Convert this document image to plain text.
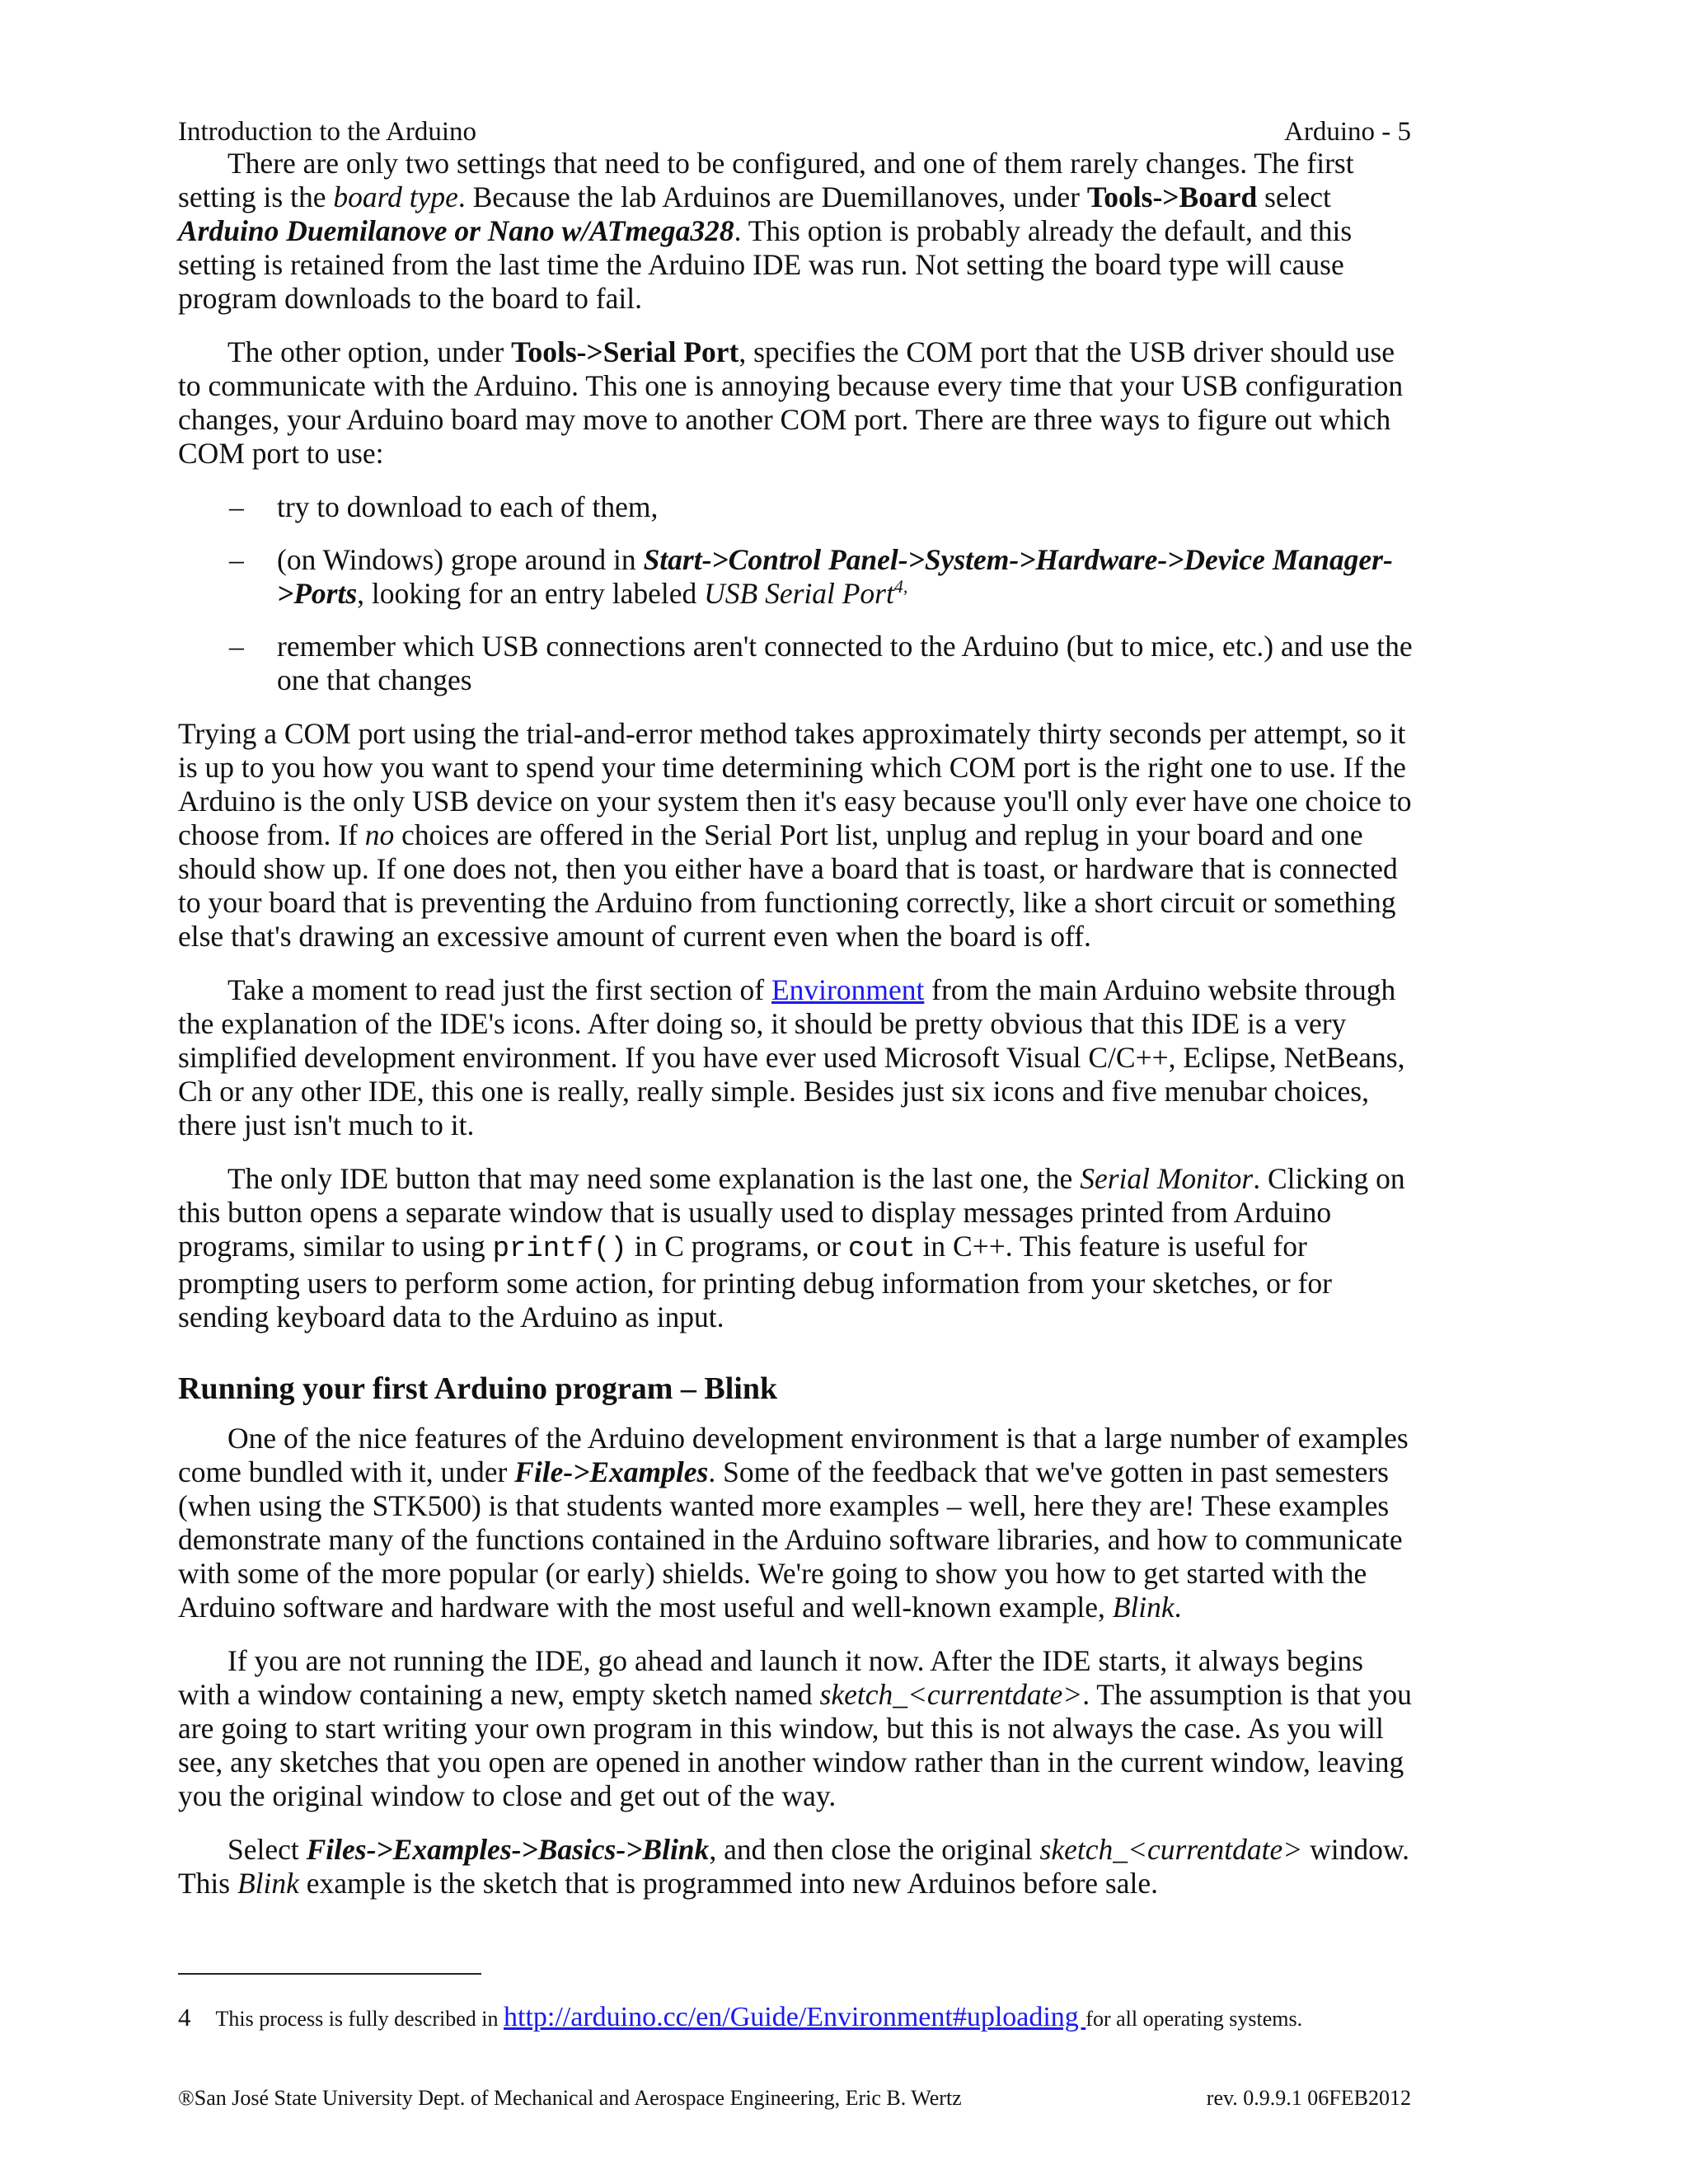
Introduction to the Arduino	Arduino - 5

There are only two settings that need to be configured, and one of them rarely changes. The first setting is the board type. Because the lab Arduinos are Duemillanoves, under Tools->Board select Arduino Duemilanove or Nano w/ATmega328. This option is probably already the default, and this setting is retained from the last time the Arduino IDE was run. Not setting the board type will cause program downloads to the board to fail.

The other option, under Tools->Serial Port, specifies the COM port that the USB driver should use to communicate with the Arduino. This one is annoying because every time that your USB configuration changes, your Arduino board may move to another COM port. There are three ways to figure out which COM port to use:

– try to download to each of them,
– (on Windows) grope around in Start->Control Panel->System->Hardware->Device Manager->Ports, looking for an entry labeled USB Serial Port$^{4,}$
– remember which USB connections aren't connected to the Arduino (but to mice, etc.) and use the one that changes

Trying a COM port using the trial-and-error method takes approximately thirty seconds per attempt, so it is up to you how you want to spend your time determining which COM port is the right one to use. If the Arduino is the only USB device on your system then it's easy because you'll only ever have one choice to choose from. If no choices are offered in the Serial Port list, unplug and replug in your board and one should show up. If one does not, then you either have a board that is toast, or hardware that is connected to your board that is preventing the Arduino from functioning correctly, like a short circuit or something else that's drawing an excessive amount of current even when the board is off.

Take a moment to read just the first section of Environment from the main Arduino website through the explanation of the IDE's icons. After doing so, it should be pretty obvious that this IDE is a very simplified development environment. If you have ever used Microsoft Visual C/C++, Eclipse, NetBeans, Ch or any other IDE, this one is really, really simple. Besides just six icons and five menubar choices, there just isn't much to it.

The only IDE button that may need some explanation is the last one, the Serial Monitor. Clicking on this button opens a separate window that is usually used to display messages printed from Arduino programs, similar to using printf() in C programs, or cout in C++. This feature is useful for prompting users to perform some action, for printing debug information from your sketches, or for sending keyboard data to the Arduino as input.

Running your first Arduino program – Blink

One of the nice features of the Arduino development environment is that a large number of examples come bundled with it, under File->Examples. Some of the feedback that we've gotten in past semesters (when using the STK500) is that students wanted more examples – well, here they are! These examples demonstrate many of the functions contained in the Arduino software libraries, and how to communicate with some of the more popular (or early) shields. We're going to show you how to get started with the Arduino software and hardware with the most useful and well-known example, Blink.

If you are not running the IDE, go ahead and launch it now. After the IDE starts, it always begins with a window containing a new, empty sketch named sketch_<currentdate>. The assumption is that you are going to start writing your own program in this window, but this is not always the case. As you will see, any sketches that you open are opened in another window rather than in the current window, leaving you the original window to close and get out of the way.

Select Files->Examples->Basics->Blink, and then close the original sketch_<currentdate> window. This Blink example is the sketch that is programmed into new Arduinos before sale.

4 This process is fully described in http://arduino.cc/en/Guide/Environment#uploading for all operating systems.
®San José State University Dept. of Mechanical and Aerospace Engineering, Eric B. Wertz	rev. 0.9.9.1 06FEB2012
